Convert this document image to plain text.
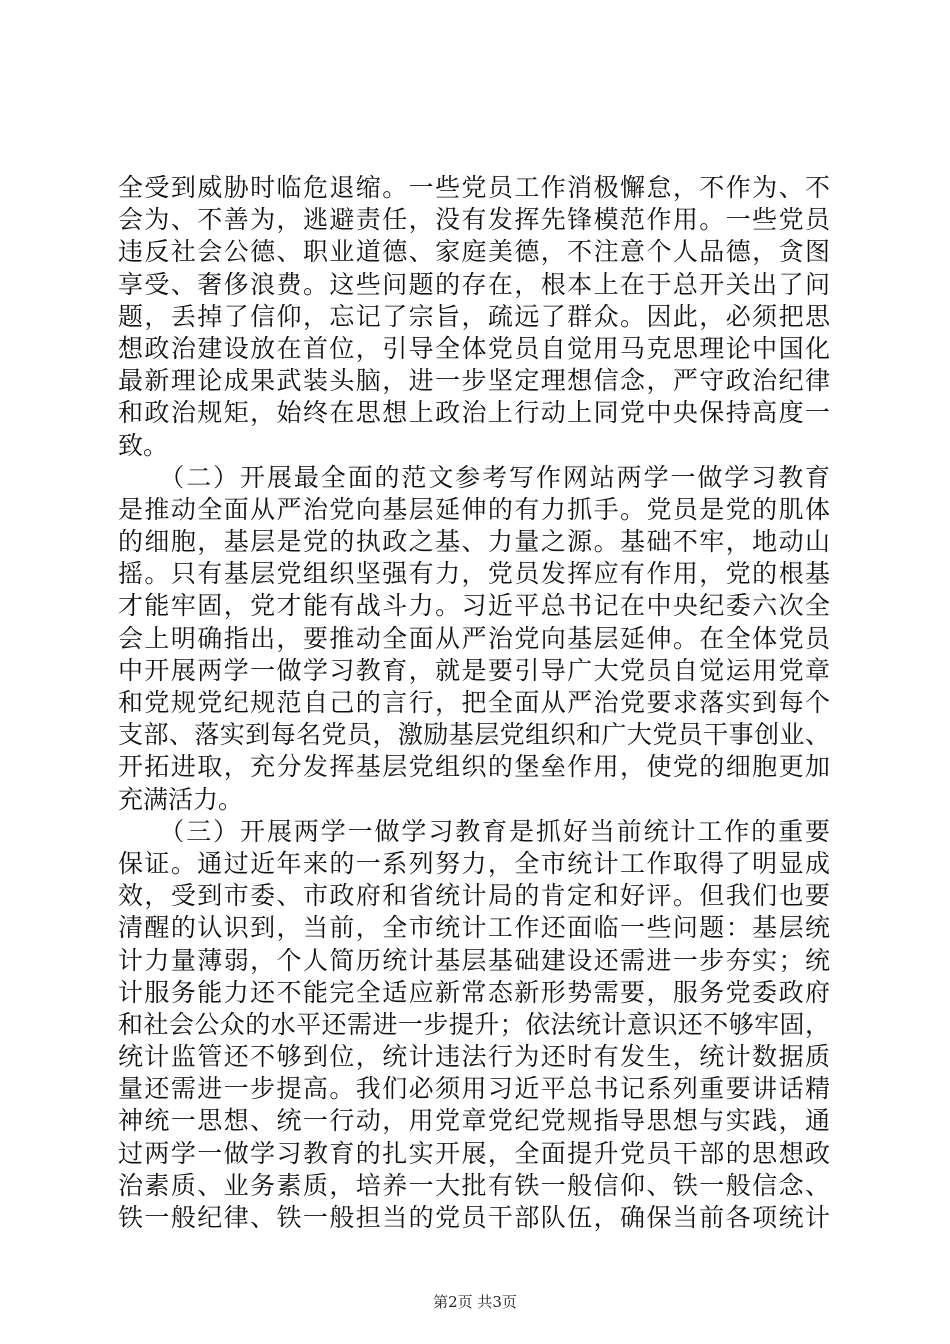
全受到威胁时临危退缩。一些党员工作消极懈怠，不作为、不
会为、不善为，逃避责任，没有发挥先锋模范作用。一些党员
违反社会公德、职业道德、家庭美德，不注意个人品德，贪图
享受、奢侈浪费。这些问题的存在，根本上在于总开关出了问
题，丢掉了信仰，忘记了宗旨，疏远了群众。因此，必须把思
想政治建设放在首位，引导全体党员自觉用马克思理论中国化
最新理论成果武装头脑，进一步坚定理想信念，严守政治纪律
和政治规矩，始终在思想上政治上行动上同党中央保持高度一
致。
　　（二）开展最全面的范文参考写作网站两学一做学习教育
是推动全面从严治党向基层延伸的有力抓手。党员是党的肌体
的细胞，基层是党的执政之基、力量之源。基础不牢，地动山
摇。只有基层党组织坚强有力，党员发挥应有作用，党的根基
才能牢固，党才能有战斗力。习近平总书记在中央纪委六次全
会上明确指出，要推动全面从严治党向基层延伸。在全体党员
中开展两学一做学习教育，就是要引导广大党员自觉运用党章
和党规党纪规范自己的言行，把全面从严治党要求落实到每个
支部、落实到每名党员，激励基层党组织和广大党员干事创业、
开拓进取，充分发挥基层党组织的堡垒作用，使党的细胞更加
充满活力。
　　（三）开展两学一做学习教育是抓好当前统计工作的重要
保证。通过近年来的一系列努力，全市统计工作取得了明显成
效，受到市委、市政府和省统计局的肯定和好评。但我们也要
清醒的认识到，当前，全市统计工作还面临一些问题：基层统
计力量薄弱，个人简历统计基层基础建设还需进一步夯实；统
计服务能力还不能完全适应新常态新形势需要，服务党委政府
和社会公众的水平还需进一步提升；依法统计意识还不够牢固，
统计监管还不够到位，统计违法行为还时有发生，统计数据质
量还需进一步提高。我们必须用习近平总书记系列重要讲话精
神统一思想、统一行动，用党章党纪党规指导思想与实践，通
过两学一做学习教育的扎实开展，全面提升党员干部的思想政
治素质、业务素质，培养一大批有铁一般信仰、铁一般信念、
铁一般纪律、铁一般担当的党员干部队伍，确保当前各项统计
第2页 共3页
